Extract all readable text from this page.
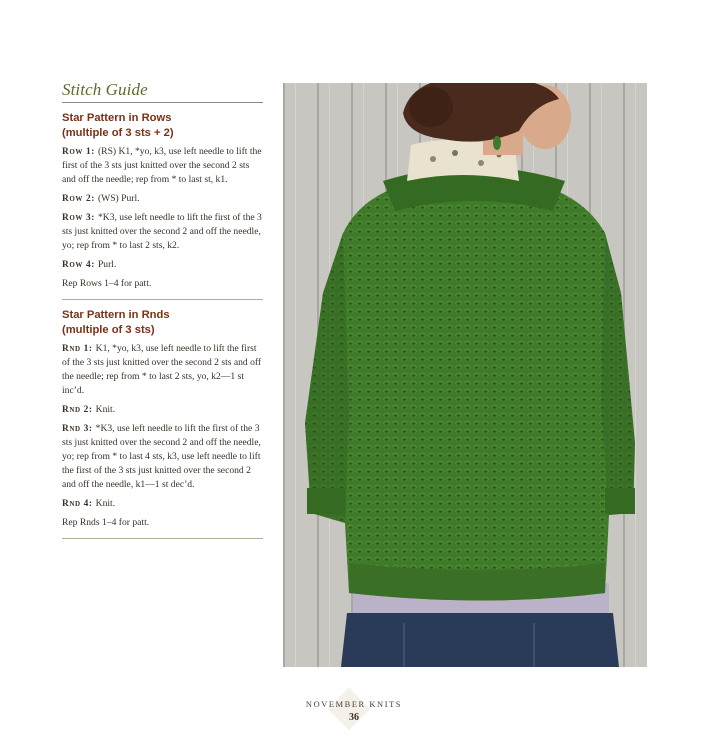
Stitch Guide
Star Pattern in Rows
(multiple of 3 sts + 2)

Row 1: (RS) K1, *yo, k3, use left needle to lift the first of the 3 sts just knitted over the second 2 sts and off the needle; rep from * to last st, k1.

Row 2: (WS) Purl.

Row 3: *K3, use left needle to lift the first of the 3 sts just knitted over the second 2 and off the needle, yo; rep from * to last 2 sts, k2.

Row 4: Purl.

Rep Rows 1–4 for patt.

Star Pattern in Rnds
(multiple of 3 sts)

Rnd 1: K1, *yo, k3, use left needle to lift the first of the 3 sts just knitted over the second 2 sts and off the needle; rep from * to last 2 sts, yo, k2—1 st inc’d.

Rnd 2: Knit.

Rnd 3: *K3, use left needle to lift the first of the 3 sts just knitted over the second 2 and off the needle, yo; rep from * to last 4 sts, k3, use left needle to lift the first of the 3 sts just knitted over the second 2 and off the needle, k1—1 st dec’d.

Rnd 4: Knit.

Rep Rnds 1–4 for patt.

NOVEMBER KNITS
36
